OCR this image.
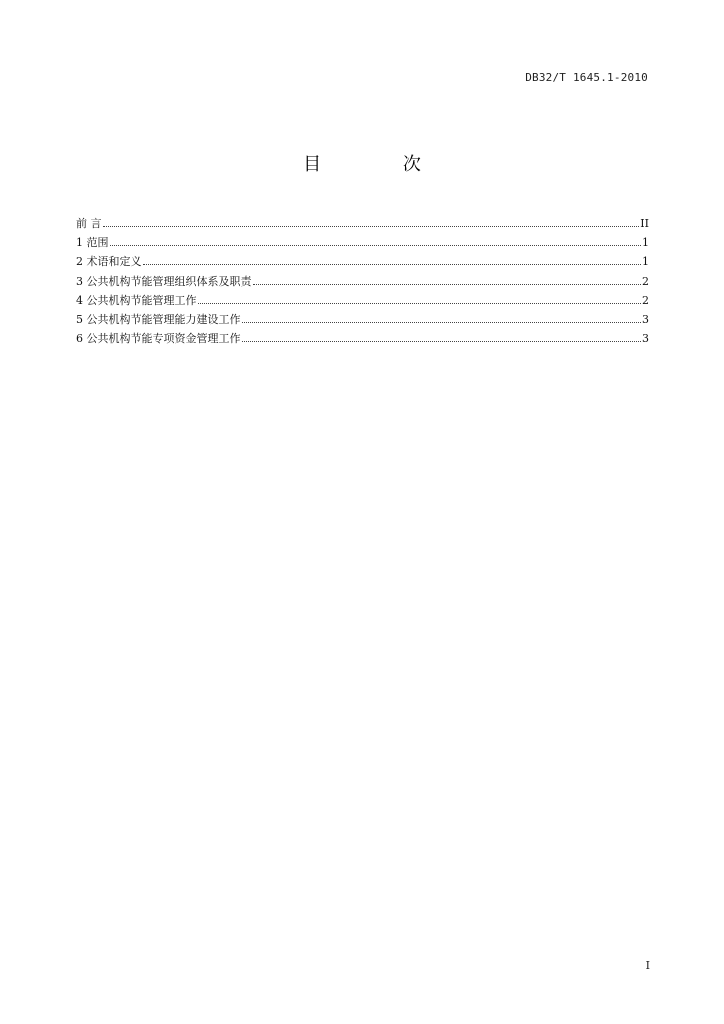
DB32/T 1645.1-2010
目 次
前 言	II
1 范围	1
2 术语和定义	1
3 公共机构节能管理组织体系及职责	2
4 公共机构节能管理工作	2
5 公共机构节能管理能力建设工作	3
6 公共机构节能专项资金管理工作	3
I
